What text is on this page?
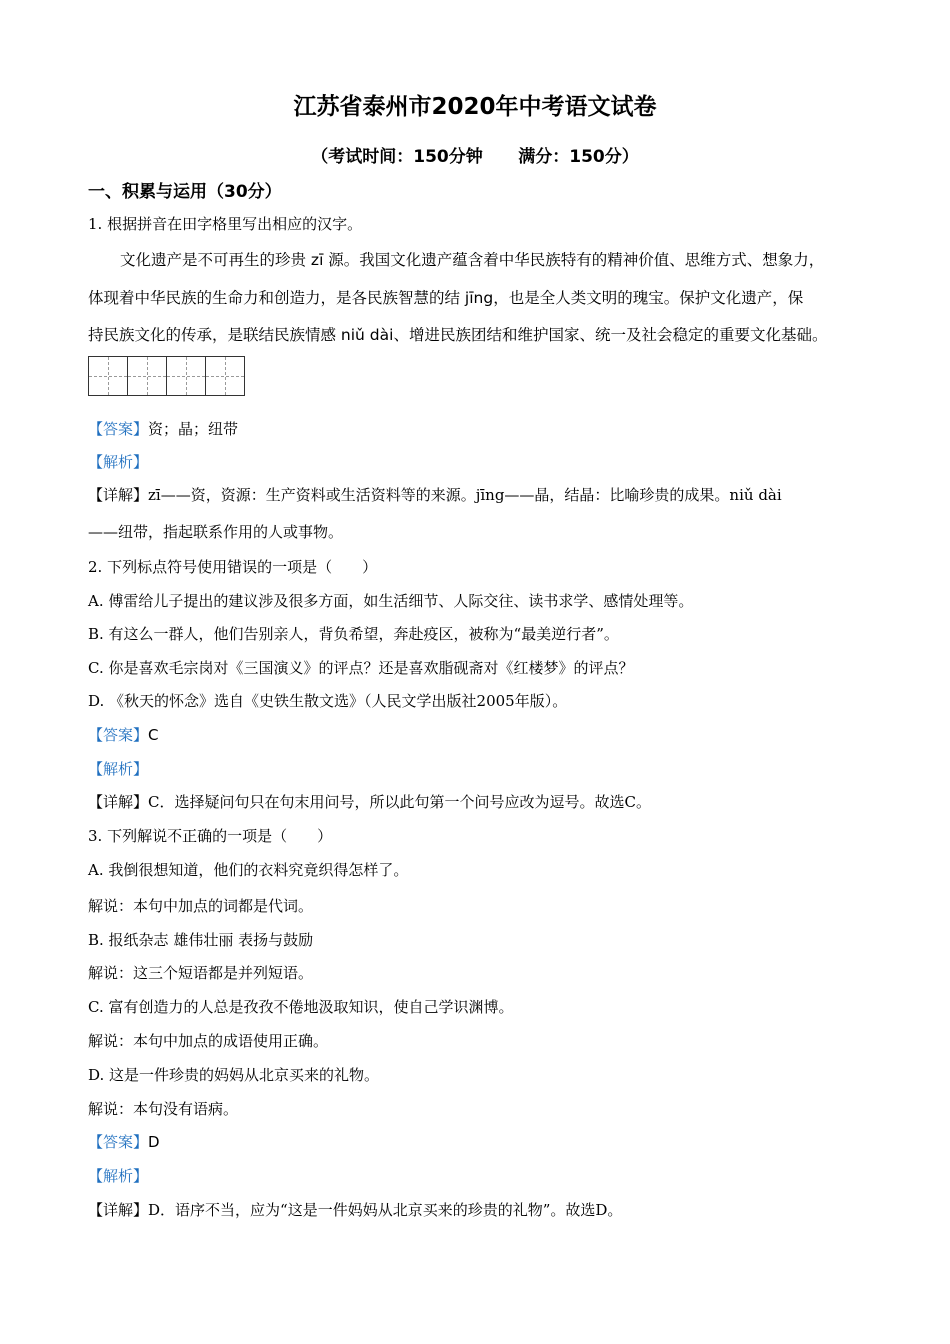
江苏省泰州市2020年中考语文试卷
（考试时间：150分钟      满分：150分）
一、积累与运用（30分）
1. 根据拼音在田字格里写出相应的汉字。
文化遗产是不可再生的珍贵 zī 源。我国文化遗产蕴含着中华民族特有的精神价值、思维方式、想象力，
体现着中华民族的生命力和创造力，是各民族智慧的结 jīng，也是全人类文明的瑰宝。保护文化遗产，保
持民族文化的传承，是联结民族情感 niǔ dài、增进民族团结和维护国家、统一及社会稳定的重要文化基础。
【答案】资；晶；纽带
【解析】
【详解】zī——资，资源：生产资料或生活资料等的来源。jīng——晶，结晶：比喻珍贵的成果。niǔ dài
——纽带，指起联系作用的人或事物。
2. 下列标点符号使用错误的一项是（　　）
A. 傅雷给儿子提出的建议涉及很多方面，如生活细节、人际交往、读书求学、感情处理等。
B. 有这么一群人，他们告别亲人，背负希望，奔赴疫区，被称为“最美逆行者”。
C. 你是喜欢毛宗岗对《三国演义》的评点？还是喜欢脂砚斋对《红楼梦》的评点？
D. 《秋天的怀念》选自《史铁生散文选》（人民文学出版社2005年版）。
【答案】C
【解析】
【详解】C．选择疑问句只在句末用问号，所以此句第一个问号应改为逗号。故选C。
3. 下列解说不正确的一项是（　　）
A. 我倒很想知道，他们的衣料究竟织得怎样了。
解说：本句中加点的词都是代词。
B. 报纸杂志 雄伟壮丽 表扬与鼓励
解说：这三个短语都是并列短语。
C. 富有创造力的人总是孜孜不倦地汲取知识，使自己学识渊博。
解说：本句中加点的成语使用正确。
D. 这是一件珍贵的妈妈从北京买来的礼物。
解说：本句没有语病。
【答案】D
【解析】
【详解】D．语序不当，应为“这是一件妈妈从北京买来的珍贵的礼物”。故选D。
